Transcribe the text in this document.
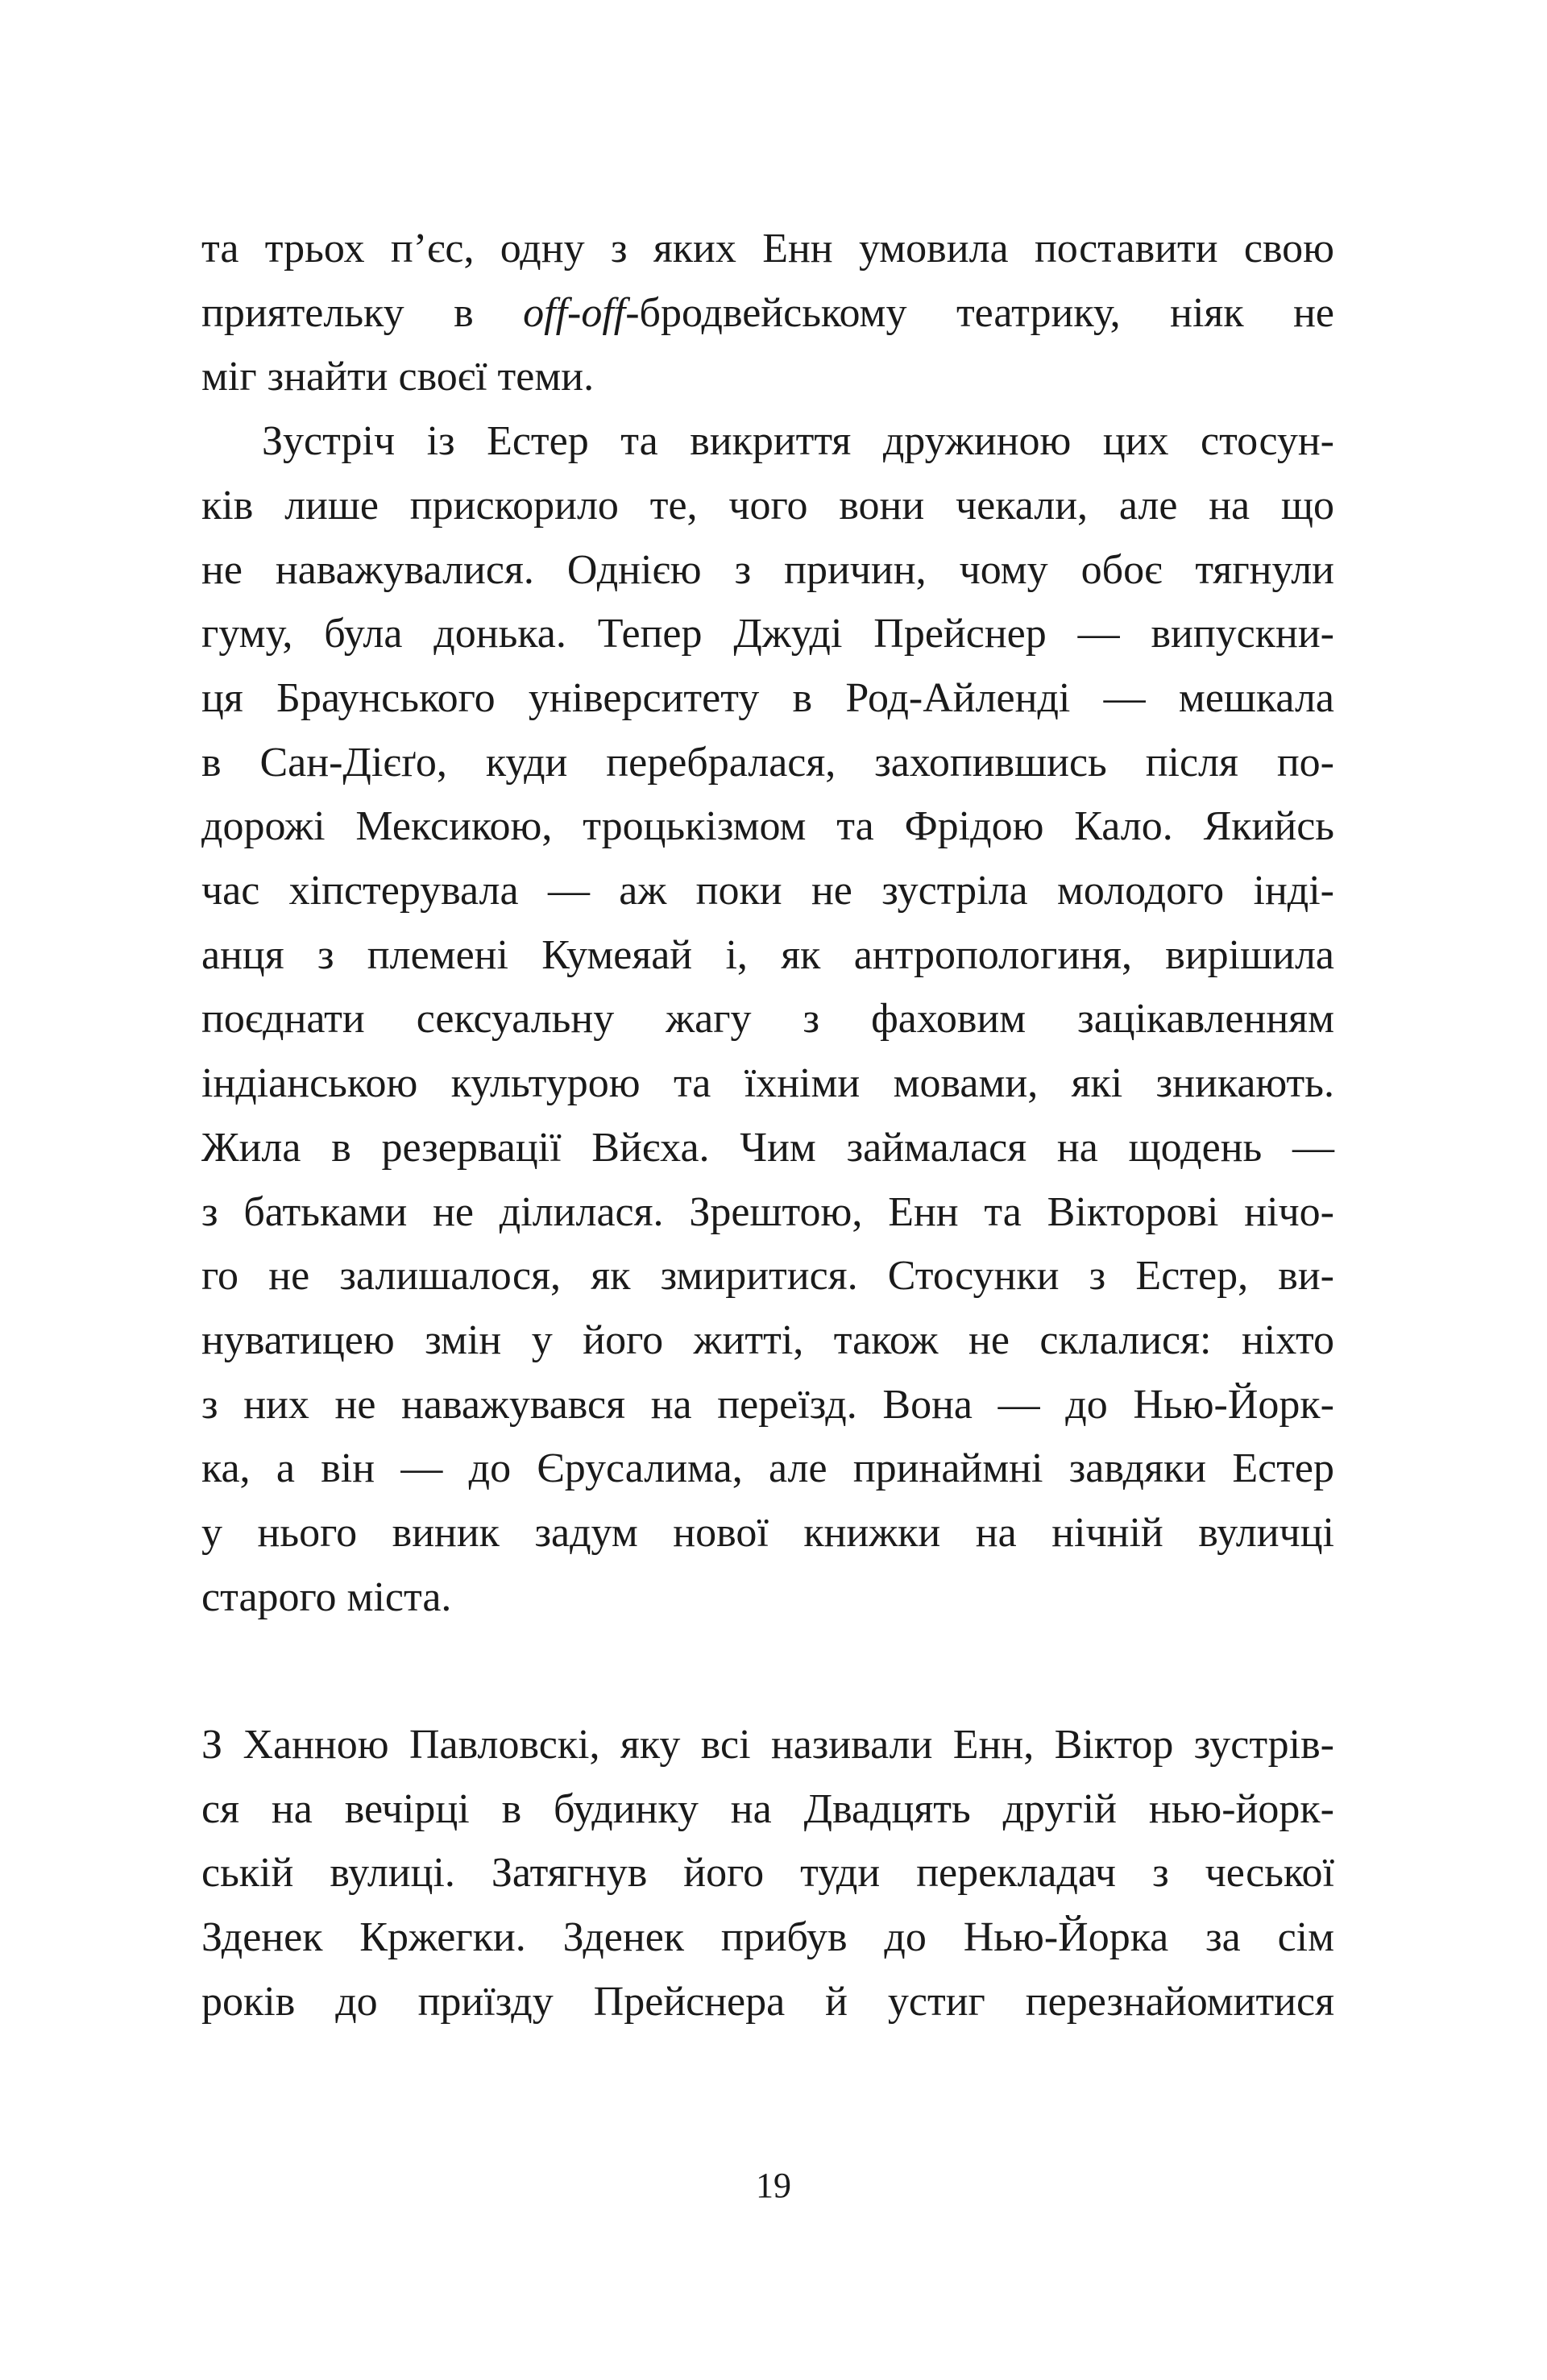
та трьох п’єс, одну з яких Енн умовила поставити свою
приятельку в off-off-бродвейському театрику, ніяк не
міг знайти своєї теми.
Зустріч із Естер та викриття дружиною цих стосун-
ків лише прискорило те, чого вони чекали, але на що
не наважувалися. Однією з причин, чому обоє тягнули
гуму, була донька. Тепер Джуді Прейснер — випускни-
ця Браунського університету в Род-Айленді — мешкала
в Сан-Дієґо, куди перебралася, захопившись після по-
дорожі Мексикою, троцькізмом та Фрідою Кало. Якийсь
час хіпстерувала — аж поки не зустріла молодого інді-
анця з племені Кумеяай і, як антропологиня, вирішила
поєднати сексуальну жагу з фаховим зацікавленням
індіанською культурою та їхніми мовами, які зникають.
Жила в резервації Вйєха. Чим займалася на щодень —
з батьками не ділилася. Зрештою, Енн та Вікторові нічо-
го не залишалося, як змиритися. Стосунки з Естер, ви-
нуватицею змін у його житті, також не склалися: ніхто
з них не наважувався на переїзд. Вона — до Нью-Йорк-
ка, а він — до Єрусалима, але принаймні завдяки Естер
у нього виник задум нової книжки на нічній вуличці
старого міста.
З Ханною Павловскі, яку всі називали Енн, Віктор зустрів-
ся на вечірці в будинку на Двадцять другій нью-йорк-
ській вулиці. Затягнув його туди перекладач з чеської
Зденек Кржегки. Зденек прибув до Нью-Йорка за сім
років до приїзду Прейснера й устиг перезнайомитися
19
